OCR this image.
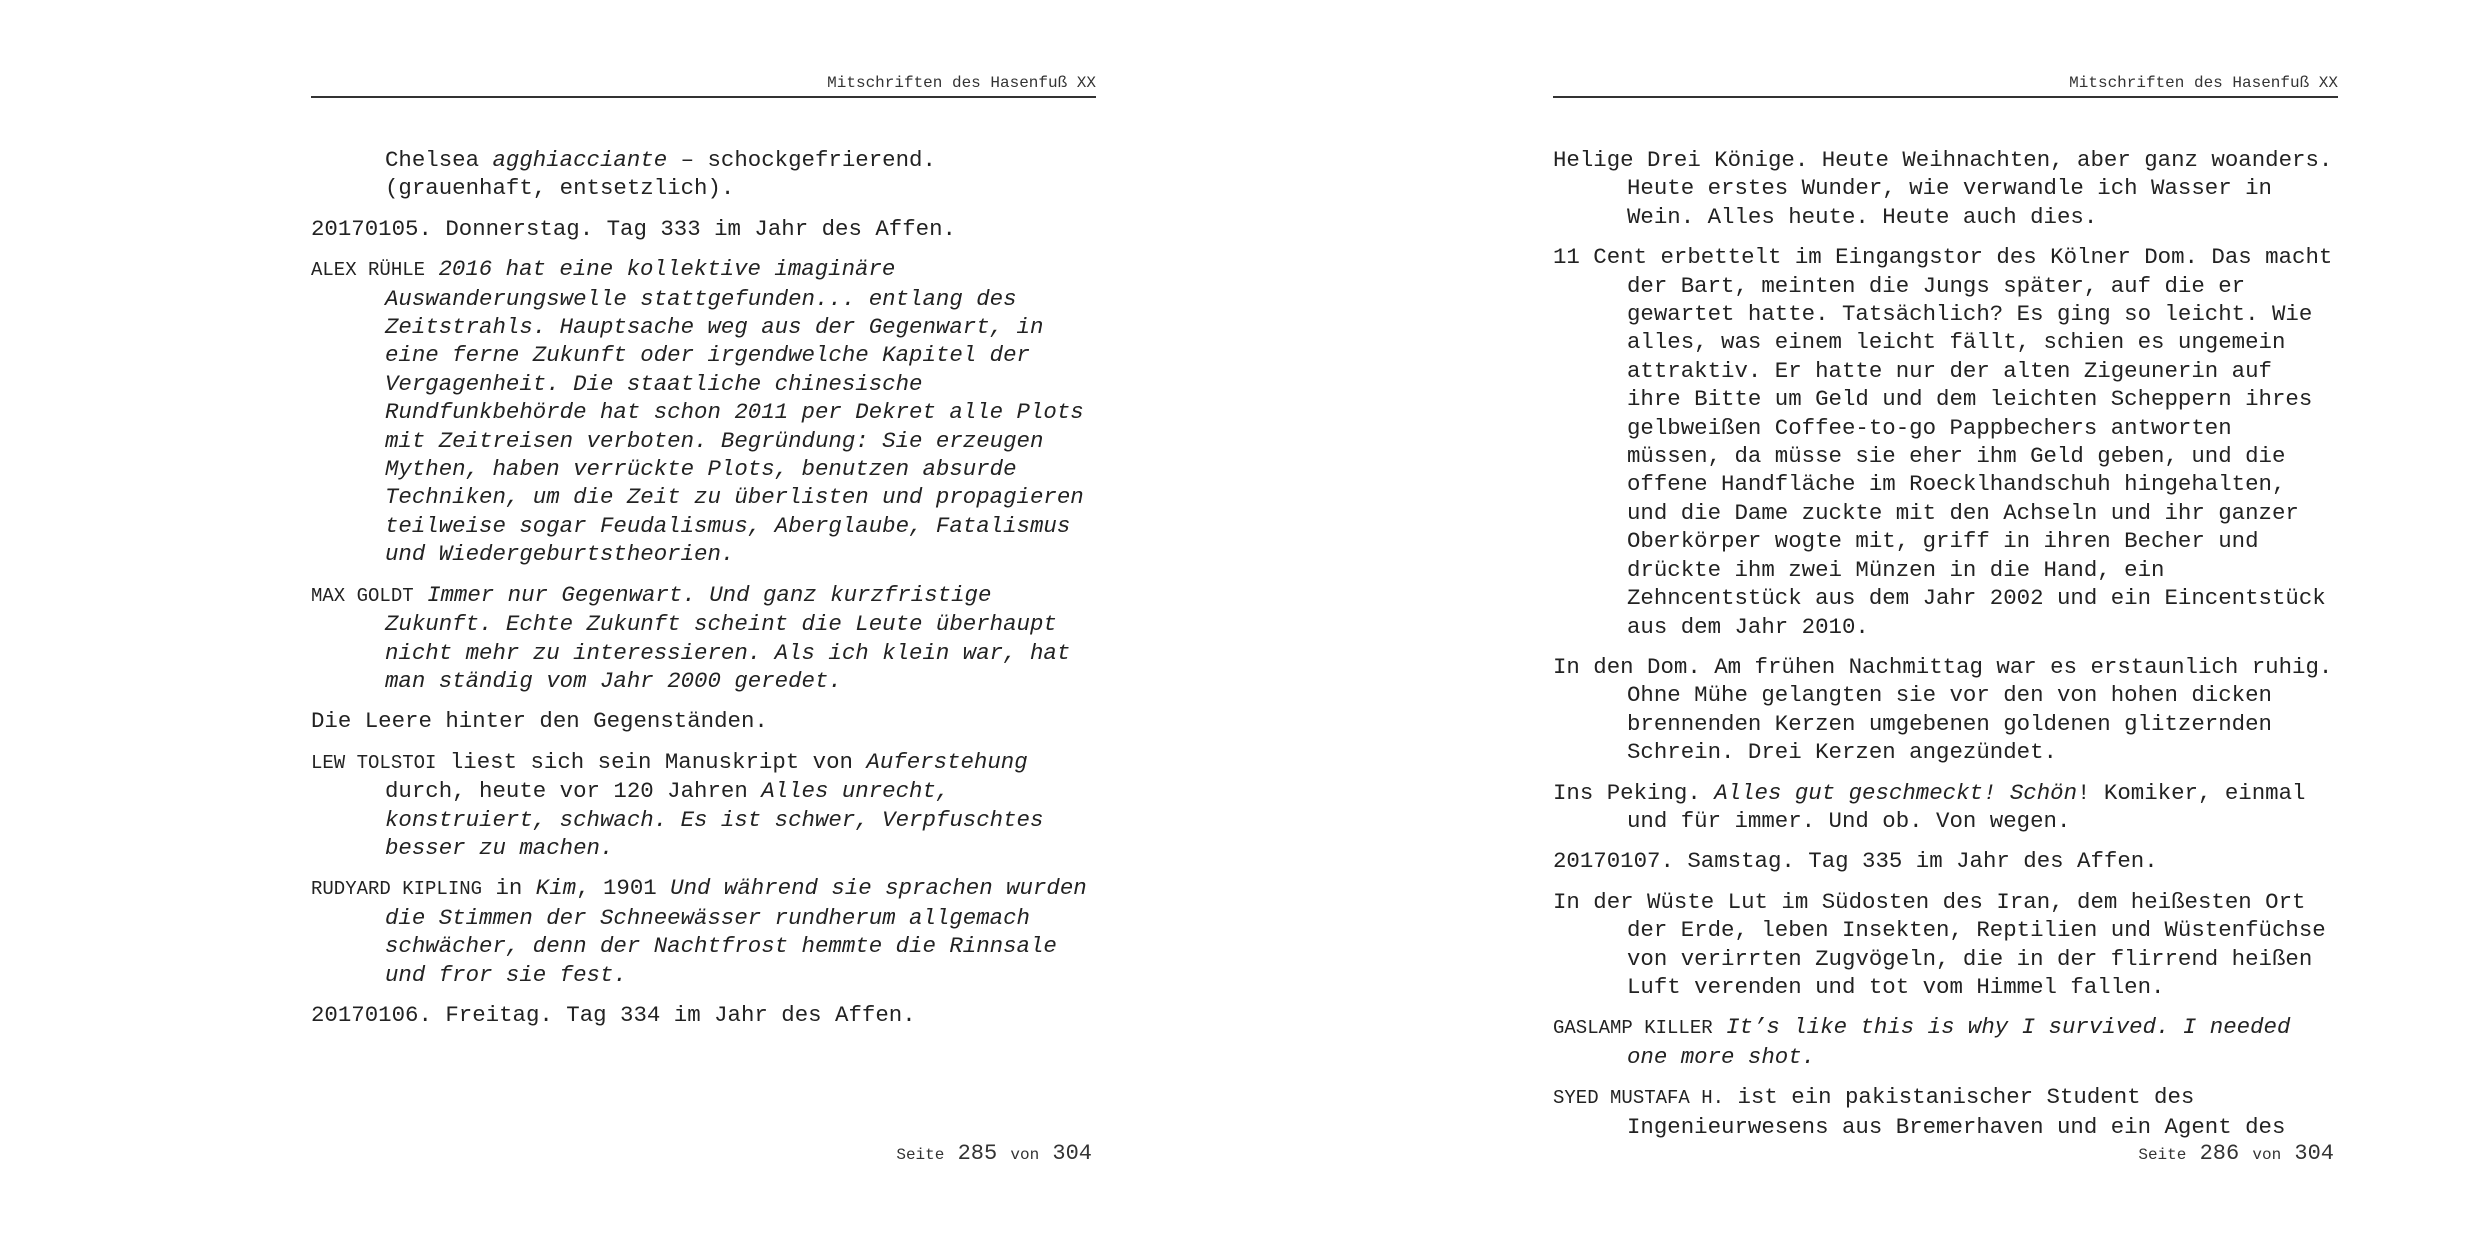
Mitschriften des Hasenfuß XX

Chelsea agghiacciante – schockgefrierend. (grauenhaft, entsetzlich).

20170105. Donnerstag. Tag 333 im Jahr des Affen.

ALEX RÜHLE 2016 hat eine kollektive imaginäre Auswanderungswelle stattgefunden... entlang des Zeitstrahls. Hauptsache weg aus der Gegenwart, in eine ferne Zukunft oder irgendwelche Kapitel der Vergagenheit. Die staatliche chinesische Rundfunkbehörde hat schon 2011 per Dekret alle Plots mit Zeitreisen verboten. Begründung: Sie erzeugen Mythen, haben verrückte Plots, benutzen absurde Techniken, um die Zeit zu überlisten und propagieren teilweise sogar Feudalismus, Aberglaube, Fatalismus und Wiedergeburtstheorien.

MAX GOLDT Immer nur Gegenwart. Und ganz kurzfristige Zukunft. Echte Zukunft scheint die Leute überhaupt nicht mehr zu interessieren. Als ich klein war, hat man ständig vom Jahr 2000 geredet.

Die Leere hinter den Gegenständen.

LEW TOLSTOI liest sich sein Manuskript von Auferstehung durch, heute vor 120 Jahren Alles unrecht, konstruiert, schwach. Es ist schwer, Verpfuschtes besser zu machen.

RUDYARD KIPLING in Kim, 1901 Und während sie sprachen wurden die Stimmen der Schneewässer rundherum allgemach schwächer, denn der Nachtfrost hemmte die Rinnsale und fror sie fest.

20170106. Freitag. Tag 334 im Jahr des Affen.

Seite 285 von 304
Mitschriften des Hasenfuß XX

Helige Drei Könige. Heute Weihnachten, aber ganz woanders. Heute erstes Wunder, wie verwandle ich Wasser in Wein. Alles heute. Heute auch dies.

11 Cent erbettelt im Eingangstor des Kölner Dom. Das macht der Bart, meinten die Jungs später, auf die er gewartet hatte. Tatsächlich? Es ging so leicht. Wie alles, was einem leicht fällt, schien es ungemein attraktiv. Er hatte nur der alten Zigeunerin auf ihre Bitte um Geld und dem leichten Scheppern ihres gelbweißen Coffee-to-go Pappbechers antworten müssen, da müsse sie eher ihm Geld geben, und die offene Handfläche im Roecklhandschuh hingehalten, und die Dame zuckte mit den Achseln und ihr ganzer Oberkörper wogte mit, griff in ihren Becher und drückte ihm zwei Münzen in die Hand, ein Zehncentstück aus dem Jahr 2002 und ein Eincentstück aus dem Jahr 2010.

In den Dom. Am frühen Nachmittag war es erstaunlich ruhig. Ohne Mühe gelangten sie vor den von hohen dicken brennenden Kerzen umgebenen goldenen glitzernden Schrein. Drei Kerzen angezündet.

Ins Peking. Alles gut geschmeckt! Schön! Komiker, einmal und für immer. Und ob. Von wegen.

20170107. Samstag. Tag 335 im Jahr des Affen.

In der Wüste Lut im Südosten des Iran, dem heißesten Ort der Erde, leben Insekten, Reptilien und Wüstenfüchse von verirrten Zugvögeln, die in der flirrend heißen Luft verenden und tot vom Himmel fallen.

GASLAMP KILLER It’s like this is why I survived. I needed one more shot.

SYED MUSTAFA H. ist ein pakistanischer Student des Ingenieurwesens aus Bremerhaven und ein Agent des

Seite 286 von 304
